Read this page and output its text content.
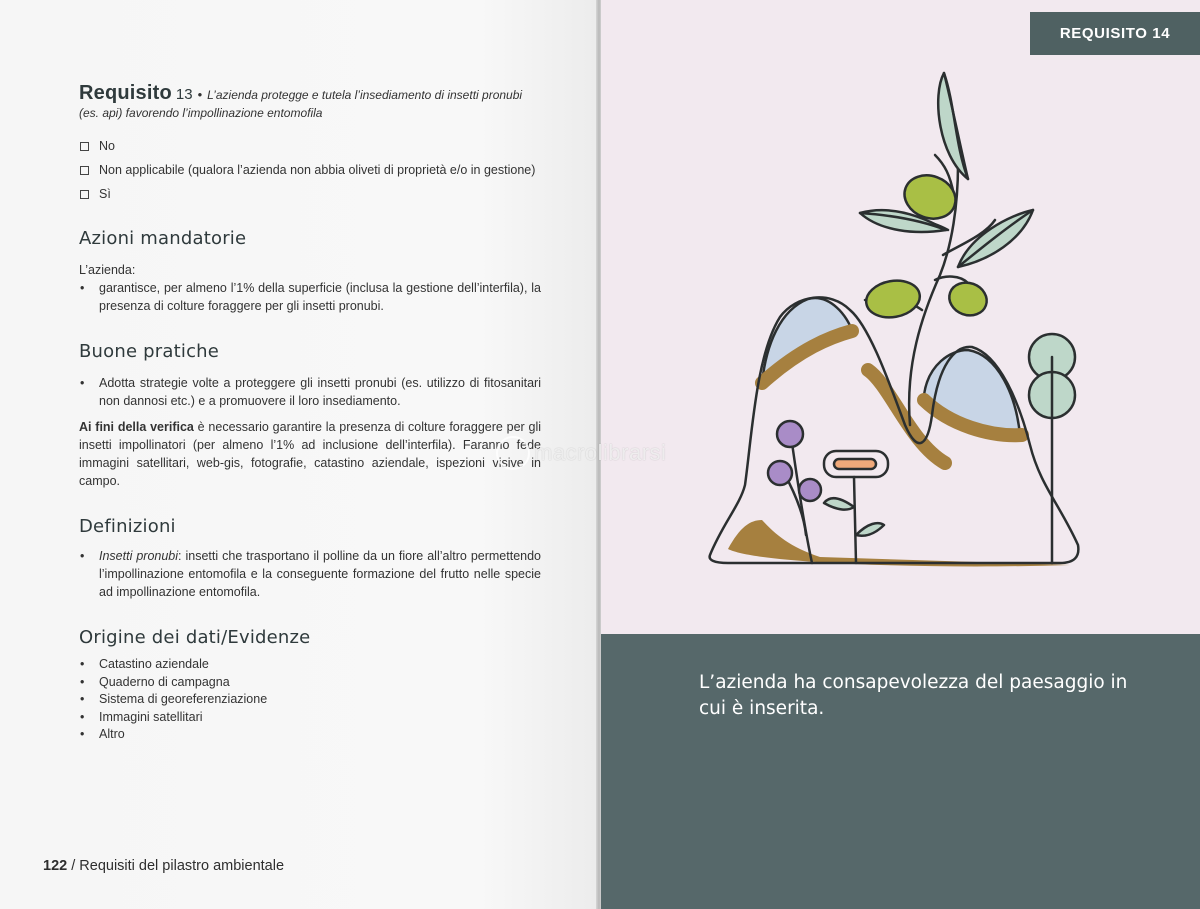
Requisito 13 • L’azienda protegge e tutela l’insediamento di insetti pronubi (es. api) favorendo l’impollinazione entomofila

No
Non applicabile (qualora l’azienda non abbia oliveti di proprietà e/o in gestione)
Sì
Azioni mandatorie

L’azienda:

• garantisce, per almeno l’1% della superficie (inclusa la gestione dell’interfila), la presenza di colture foraggere per gli insetti pronubi.
Buone pratiche
• Adotta strategie volte a proteggere gli insetti pronubi (es. utilizzo di fitosanitari non dannosi etc.) e a promuovere il loro insediamento.

Ai fini della verifica è necessario garantire la presenza di colture foraggere per gli insetti impollinatori (per almeno l’1% ad inclusione dell’interfila). Faranno fede immagini satellitari, web-gis, fotografie, catastino aziendale, ispezioni visive in campo.

Definizioni
• Insetti pronubi: insetti che trasportano il polline da un fiore all’altro permettendo l’impollinazione entomofila e la conseguente formazione del frutto nelle specie ad impollinazione entomofila.
Origine dei dati/Evidenze
• Catastino aziendale
• Quaderno di campagna
• Sistema di georeferenziazione
• Immagini satellitari
• Altro
122 / Requisiti del pilastro ambientale
REQUISITO 14
L’azienda ha consapevolezza del paesaggio in cui è inserita.
macrolibrarsi
